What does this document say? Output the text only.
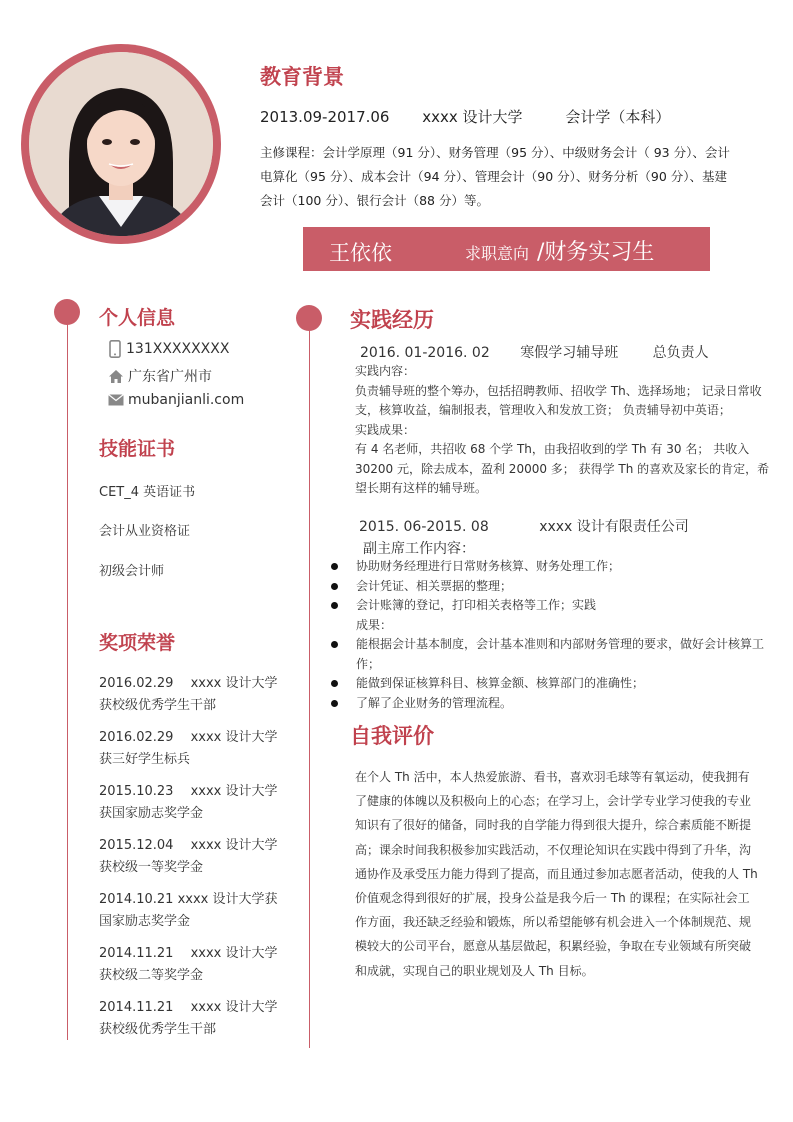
教育背景
2013.09-2017.06 xxxx 设计大学	会计学（本科）
主修课程：会计学原理（91 分）、财务管理（95 分）、中级财务会计（ 93 分）、会计电算化（95 分）、成本会计（94 分）、管理会计（90 分）、财务分析（90 分）、基建会计（100 分）、银行会计（88 分）等。
王依依	求职意向 /财务实习生
个人信息
131XXXXXXXX
广东省广州市
mubanjianli.com
技能证书
CET_4 英语证书
会计从业资格证
初级会计师
奖项荣誉
2016.02.29　 xxxx 设计大学获校级优秀学生干部
2016.02.29　 xxxx 设计大学获三好学生标兵
2015.10.23　 xxxx 设计大学获国家励志奖学金
2015.12.04　 xxxx 设计大学获校级一等奖学金
2014.10.21 xxxx 设计大学获国家励志奖学金
2014.11.21　 xxxx 设计大学获校级二等奖学金
2014.11.21　 xxxx 设计大学获校级优秀学生干部
实践经历
2016. 01-2016. 02 寒假学习辅导班 总负责人
实践内容：
负责辅导班的整个筹办，包括招聘教师、招收学 Th、选择场地； 记录日常收支，核算收益，编制报表，管理收入和发放工资； 负责辅导初中英语；
实践成果：
有 4 名老师，共招收 68 个学 Th，由我招收到的学 Th 有 30 名； 共收入 30200 元，除去成本，盈利 20000 多； 获得学 Th 的喜欢及家长的肯定，希望长期有这样的辅导班。
2015. 06-2015. 08	xxxx 设计有限责任公司
副主席工作内容：
协助财务经理进行日常财务核算、财务处理工作；
会计凭证、相关票据的整理；
会计账簿的登记，打印相关表格等工作；实践
成果：
能根据会计基本制度，会计基本准则和内部财务管理的要求，做好会计核算工作；
能做到保证核算科目、核算金额、核算部门的准确性；
了解了企业财务的管理流程。
自我评价
在个人 Th 活中，本人热爱旅游、看书，喜欢羽毛球等有氧运动，使我拥有了健康的体魄以及积极向上的心态；在学习上，会计学专业学习使我的专业知识有了很好的储备，同时我的自学能力得到很大提升，综合素质能不断提高；课余时间我积极参加实践活动，不仅理论知识在实践中得到了升华，沟通协作及承受压力能力得到了提高，而且通过参加志愿者活动，使我的人 Th 价值观念得到很好的扩展，投身公益是我今后一 Th 的课程；在实际社会工作方面，我还缺乏经验和锻炼，所以希望能够有机会进入一个体制规范、规模较大的公司平台，愿意从基层做起，积累经验，争取在专业领域有所突破和成就，实现自己的职业规划及人 Th 目标。
